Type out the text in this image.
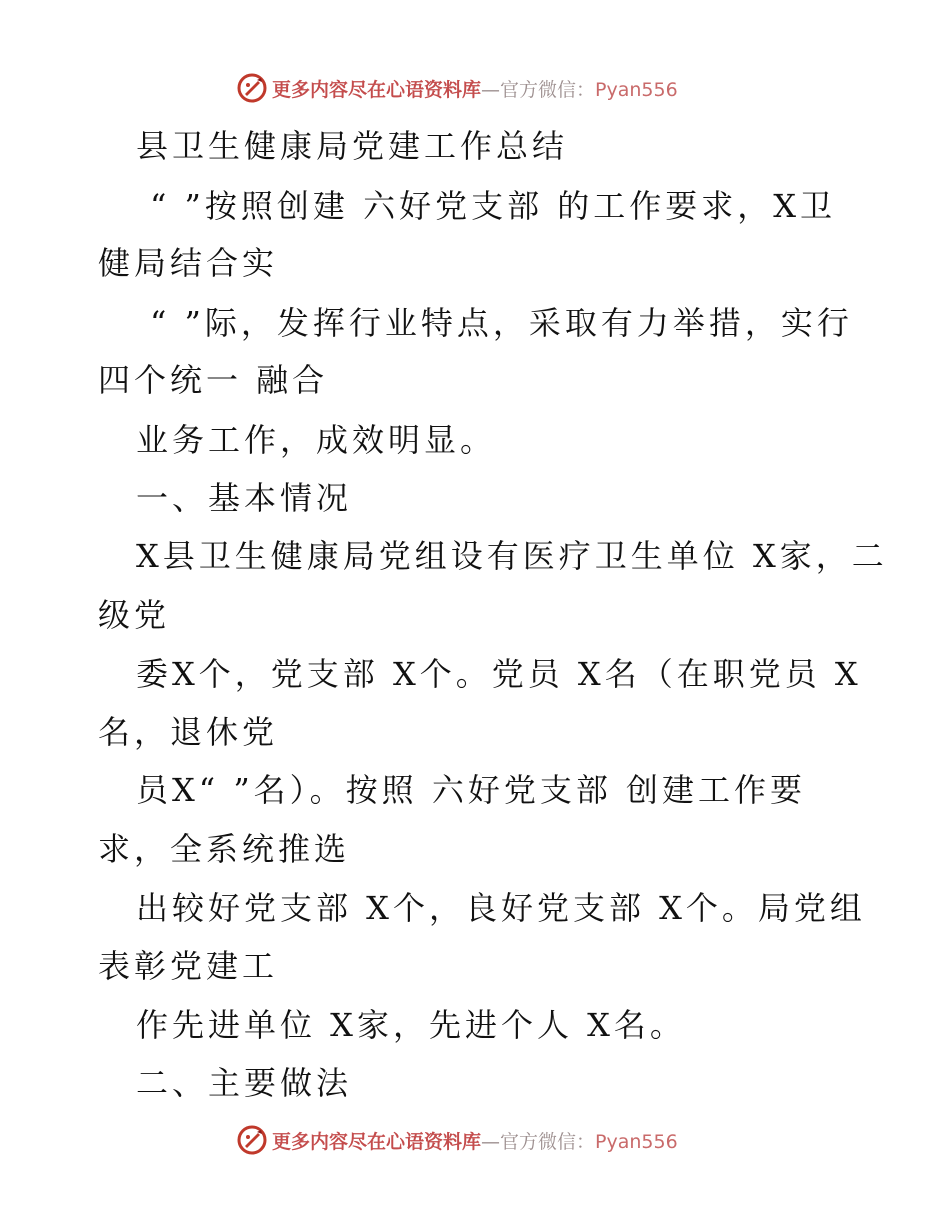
更多内容尽在心语资料库—官方微信：Pyan556
县卫生健康局党建工作总结
“ ”按照创建 六好党支部 的工作要求，X卫
健局结合实
“ ”际，发挥行业特点，采取有力举措，实行
四个统一 融合
业务工作，成效明显。
一、基本情况
X县卫生健康局党组设有医疗卫生单位 X家，二
级党
委X个，党支部 X个。党员 X名（在职党员 X
名，退休党
员X“ ”名）。按照 六好党支部 创建工作要
求，全系统推选
出较好党支部 X个，良好党支部 X个。局党组
表彰党建工
作先进单位 X家，先进个人 X名。
二、主要做法
更多内容尽在心语资料库—官方微信：Pyan556
